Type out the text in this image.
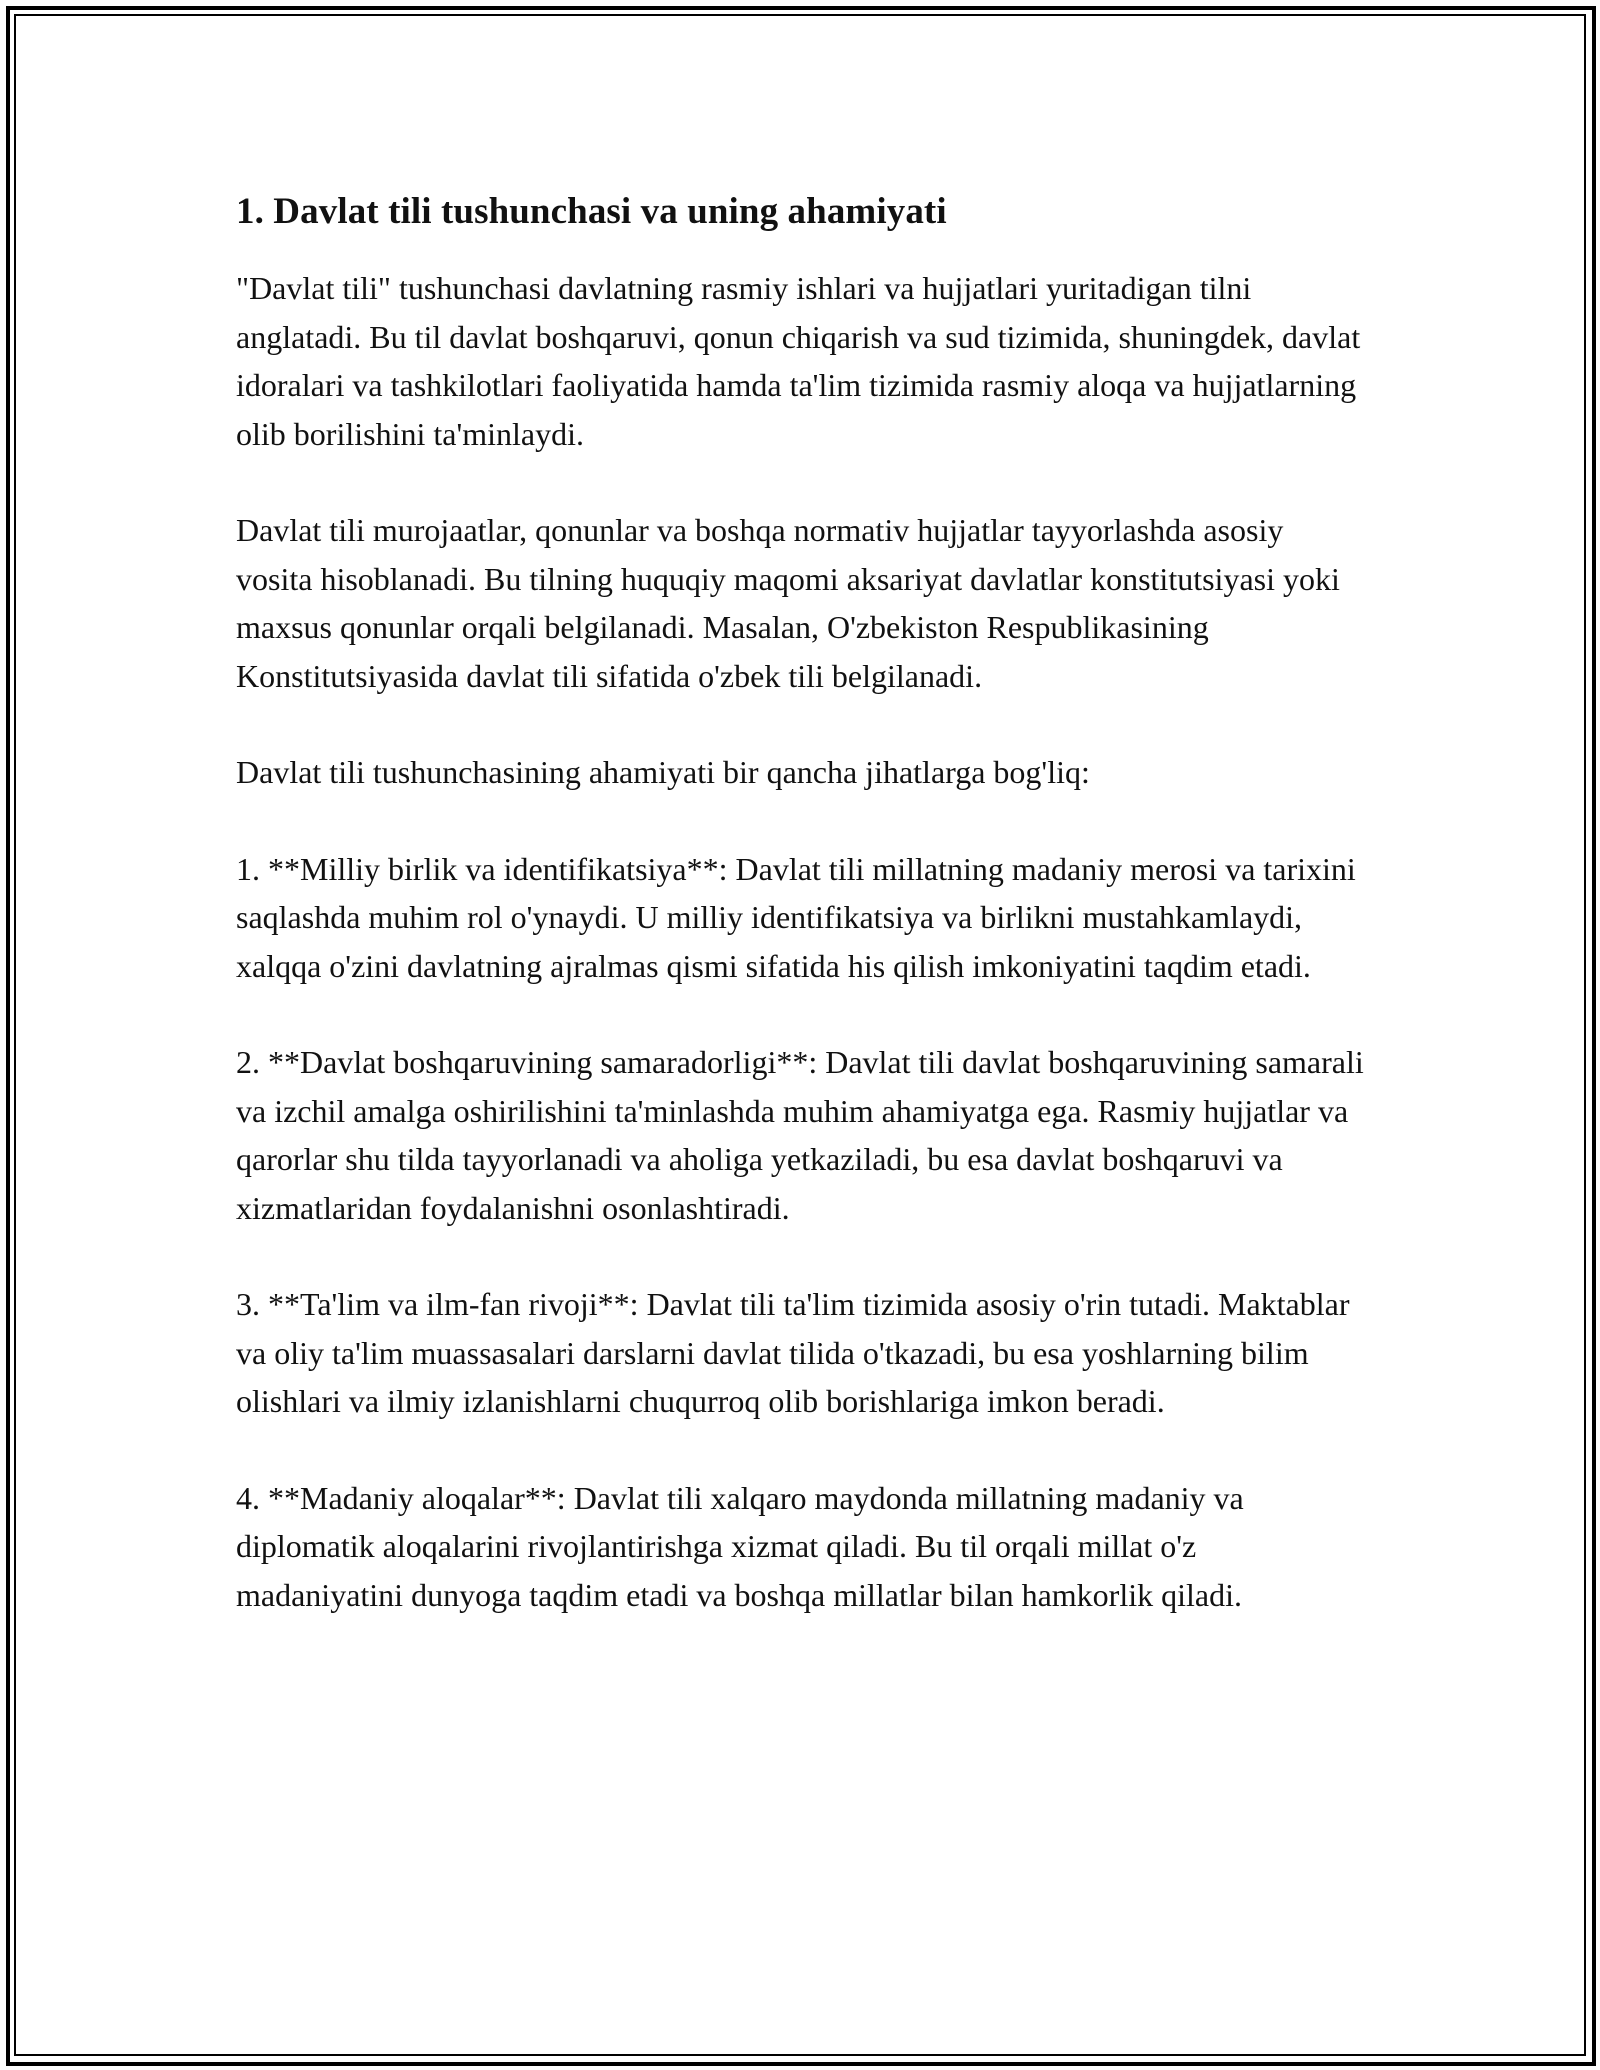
1. Davlat tili tushunchasi va uning ahamiyati

"Davlat tili" tushunchasi davlatning rasmiy ishlari va hujjatlari yuritadigan tilni anglatadi. Bu til davlat boshqaruvi, qonun chiqarish va sud tizimida, shuningdek, davlat idoralari va tashkilotlari faoliyatida hamda ta'lim tizimida rasmiy aloqa va hujjatlarning olib borilishini ta'minlaydi.

Davlat tili murojaatlar, qonunlar va boshqa normativ hujjatlar tayyorlashda asosiy vosita hisoblanadi. Bu tilning huquqiy maqomi aksariyat davlatlar konstitutsiyasi yoki maxsus qonunlar orqali belgilanadi. Masalan, O'zbekiston Respublikasining Konstitutsiyasida davlat tili sifatida o'zbek tili belgilanadi.

Davlat tili tushunchasining ahamiyati bir qancha jihatlarga bog'liq:

1. **Milliy birlik va identifikatsiya**: Davlat tili millatning madaniy merosi va tarixini saqlashda muhim rol o'ynaydi. U milliy identifikatsiya va birlikni mustahkamlaydi, xalqqa o'zini davlatning ajralmas qismi sifatida his qilish imkoniyatini taqdim etadi.

2. **Davlat boshqaruvining samaradorligi**: Davlat tili davlat boshqaruvining samarali va izchil amalga oshirilishini ta'minlashda muhim ahamiyatga ega. Rasmiy hujjatlar va qarorlar shu tilda tayyorlanadi va aholiga yetkaziladi, bu esa davlat boshqaruvi va xizmatlaridan foydalanishni osonlashtiradi.

3. **Ta'lim va ilm-fan rivoji**: Davlat tili ta'lim tizimida asosiy o'rin tutadi. Maktablar va oliy ta'lim muassasalari darslarni davlat tilida o'tkazadi, bu esa yoshlarning bilim olishlari va ilmiy izlanishlarni chuqurroq olib borishlariga imkon beradi.

4. **Madaniy aloqalar**: Davlat tili xalqaro maydonda millatning madaniy va diplomatik aloqalarini rivojlantirishga xizmat qiladi. Bu til orqali millat o'z madaniyatini dunyoga taqdim etadi va boshqa millatlar bilan hamkorlik qiladi.
